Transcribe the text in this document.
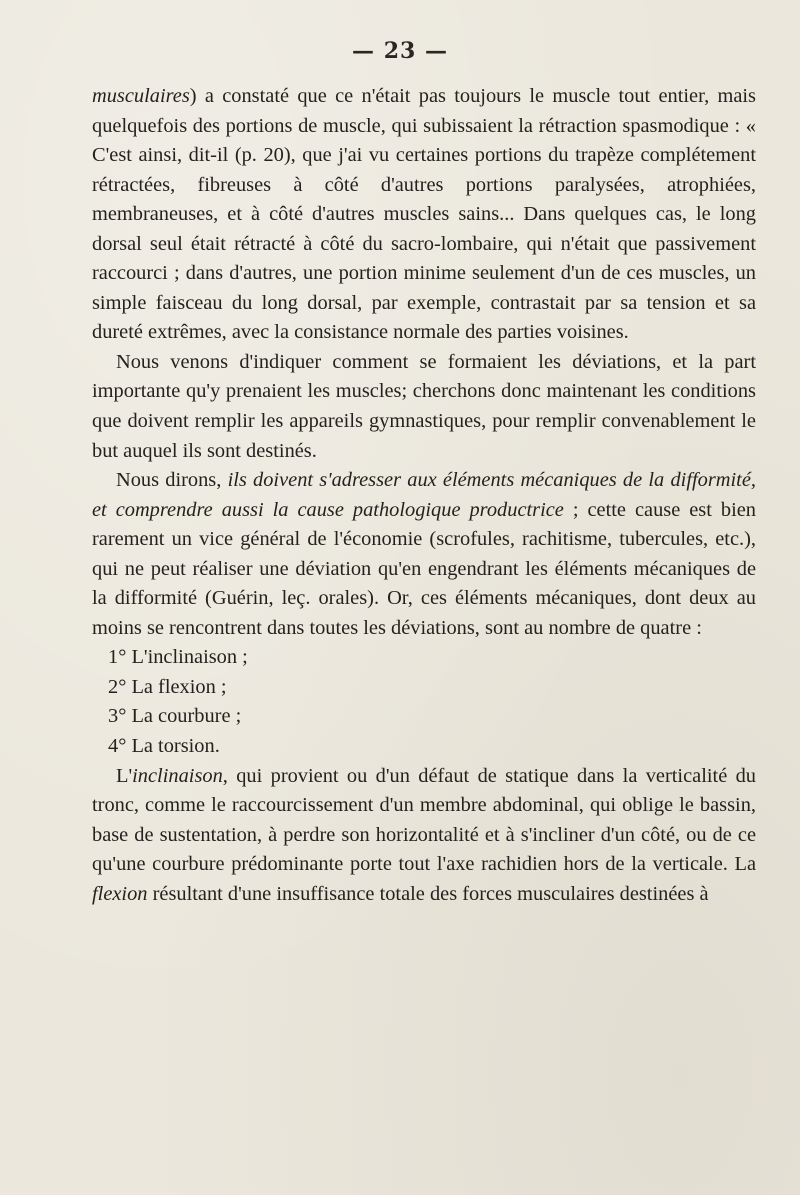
— 23 —

musculaires) a constaté que ce n'était pas toujours le muscle tout entier, mais quelquefois des portions de muscle, qui subissaient la rétraction spasmodique : « C'est ainsi, dit-il (p. 20), que j'ai vu certaines portions du trapèze complétement rétractées, fibreuses à côté d'autres portions paralysées, atrophiées, membraneuses, et à côté d'autres muscles sains... Dans quelques cas, le long dorsal seul était rétracté à côté du sacro-lombaire, qui n'était que passivement raccourci ; dans d'autres, une portion minime seulement d'un de ces muscles, un simple faisceau du long dorsal, par exemple, contrastait par sa tension et sa dureté extrêmes, avec la consistance normale des parties voisines.

Nous venons d'indiquer comment se formaient les déviations, et la part importante qu'y prenaient les muscles; cherchons donc maintenant les conditions que doivent remplir les appareils gymnastiques, pour remplir convenablement le but auquel ils sont destinés.

Nous dirons, ils doivent s'adresser aux éléments mécaniques de la difformité, et comprendre aussi la cause pathologique productrice ; cette cause est bien rarement un vice général de l'économie (scrofules, rachitisme, tubercules, etc.), qui ne peut réaliser une déviation qu'en engendrant les éléments mécaniques de la difformité (Guérin, leç. orales). Or, ces éléments mécaniques, dont deux au moins se rencontrent dans toutes les déviations, sont au nombre de quatre :

1° L'inclinaison ;
2° La flexion ;
3° La courbure ;
4° La torsion.

L'inclinaison, qui provient ou d'un défaut de statique dans la verticalité du tronc, comme le raccourcissement d'un membre abdominal, qui oblige le bassin, base de sustentation, à perdre son horizontalité et à s'incliner d'un côté, ou de ce qu'une courbure prédominante porte tout l'axe rachidien hors de la verticale. La flexion résultant d'une insuffisance totale des forces musculaires destinées à
